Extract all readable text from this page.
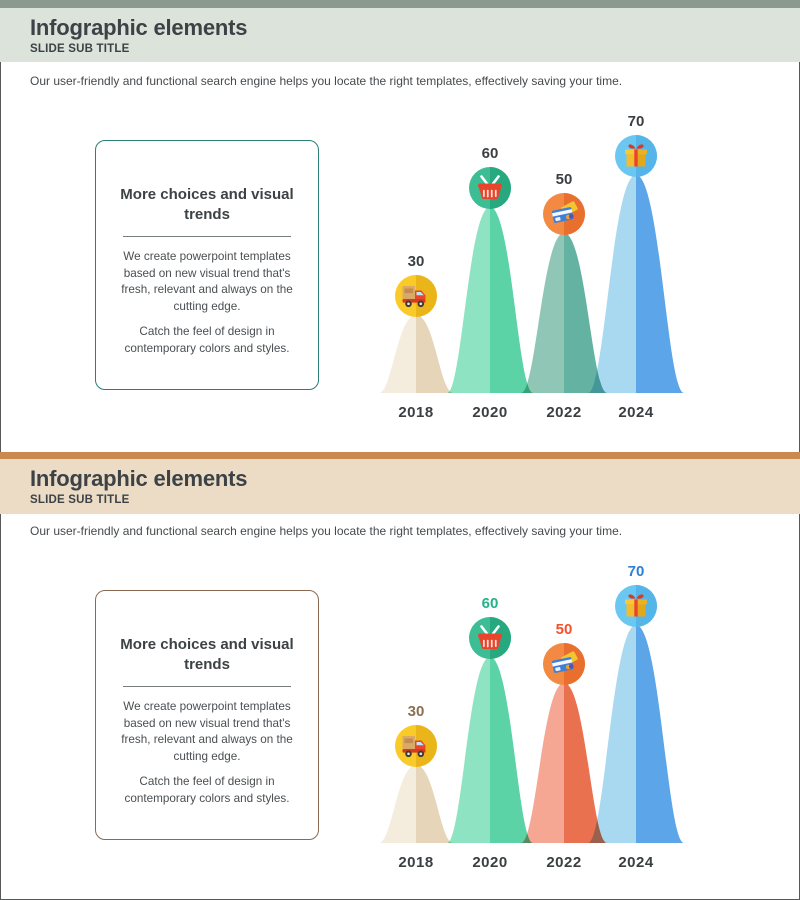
Infographic elements
SLIDE SUB TITLE

Our user-friendly and functional search engine helps you locate the right templates, effectively saving your time.

More choices and visual trends

We create powerpoint templates based on new visual trend that's fresh, relevant and always on the cutting edge.

Catch the feel of design in contemporary colors and styles.

30
2018
60
2020
50
2022
70
2024
Infographic elements
SLIDE SUB TITLE

Our user-friendly and functional search engine helps you locate the right templates, effectively saving your time.

More choices and visual trends

We create powerpoint templates based on new visual trend that's fresh, relevant and always on the cutting edge.

Catch the feel of design in contemporary colors and styles.

30
2018
60
2020
50
2022
70
2024
